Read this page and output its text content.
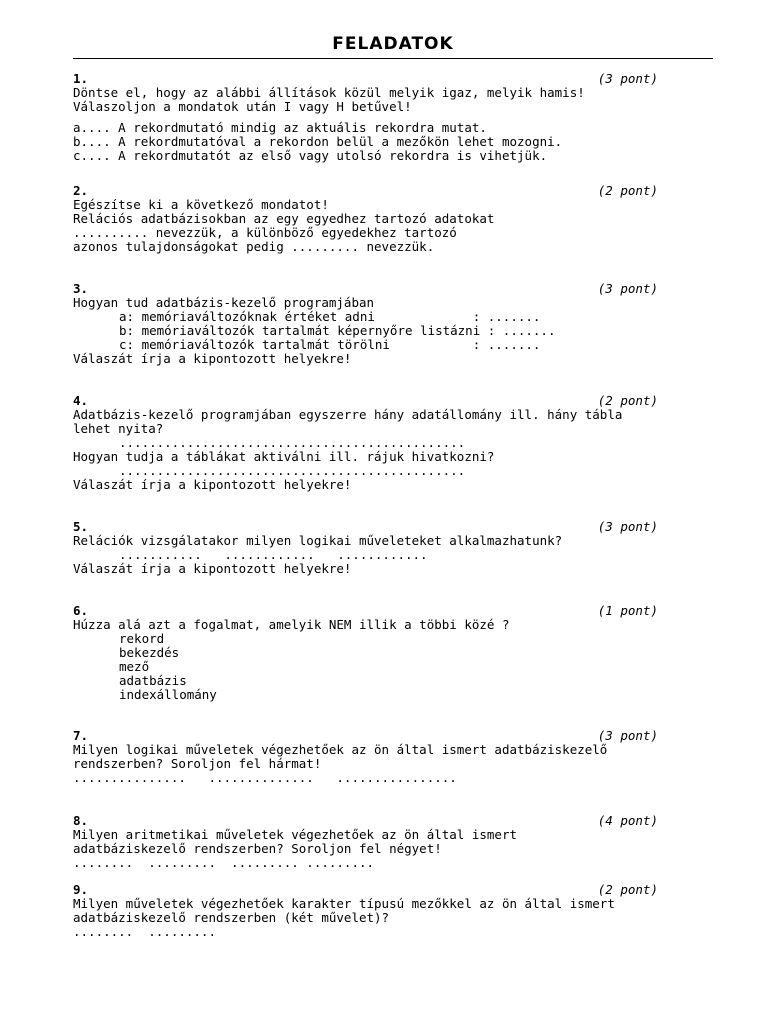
FELADATOK
1.	(3 pont)
Döntse el, hogy az alábbi állítások közül melyik igaz, melyik hamis!
Válaszoljon a mondatok után I vagy H betűvel!
a.... A rekordmutató mindig az aktuális rekordra mutat.
b.... A rekordmutatóval a rekordon belül a mezőkön lehet mozogni.
c.... A rekordmutatót az első vagy utolsó rekordra is vihetjük.
2.	(2 pont)
Egészítse ki a következő mondatot!
Relációs adatbázisokban az egy egyedhez tartozó adatokat
.......... nevezzük, a különböző egyedekhez tartozó
azonos tulajdonságokat pedig ......... nevezzük.
3.	(3 pont)
Hogyan tud adatbázis-kezelő programjában
a: memóriaváltozóknak értéket adni             : .......
b: memóriaváltozók tartalmát képernyőre listázni : .......
c: memóriaváltozók tartalmát törölni           : .......
Válaszát írja a kipontozott helyekre!
4.	(2 pont)
Adatbázis-kezelő programjában egyszerre hány adatállomány ill. hány tábla
lehet nyita?
..............................................
Hogyan tudja a táblákat aktiválni ill. rájuk hivatkozni?
..............................................
Válaszát írja a kipontozott helyekre!
5.	(3 pont)
Relációk vizsgálatakor milyen logikai műveleteket alkalmazhatunk?
...........   ............   ............
Válaszát írja a kipontozott helyekre!
6.	(1 pont)
Húzza alá azt a fogalmat, amelyik NEM illik a többi közé ?
rekord
bekezdés
mező
adatbázis
indexállomány
7.	(3 pont)
Milyen logikai műveletek végezhetőek az ön által ismert adatbáziskezelő
rendszerben? Soroljon fel hármat!
...............   ..............   ................
8.	(4 pont)
Milyen aritmetikai műveletek végezhetőek az ön által ismert
adatbáziskezelő rendszerben? Soroljon fel négyet!
........  .........  ......... .........
9.	(2 pont)
Milyen műveletek végezhetőek karakter típusú mezőkkel az ön által ismert
adatbáziskezelő rendszerben (két művelet)?
........  .........
